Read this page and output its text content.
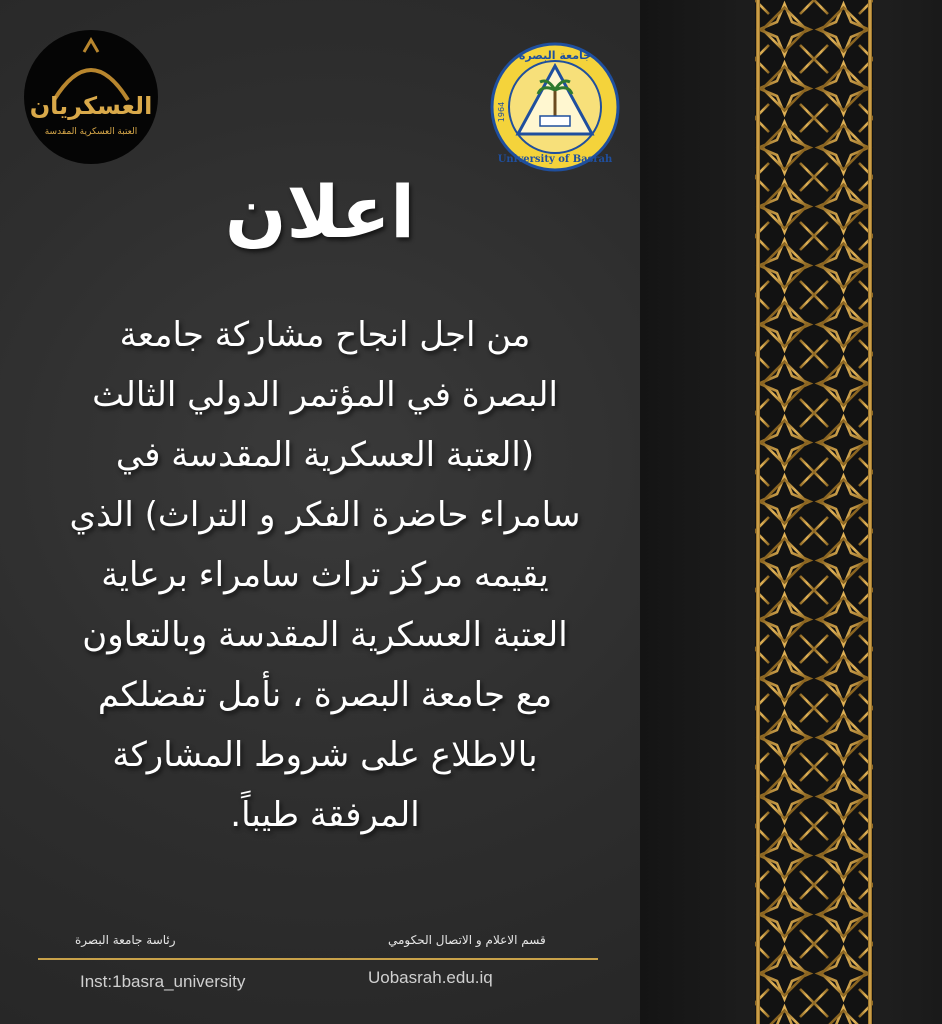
العسكريان
العتبة العسكرية المقدسة
جامعة البصرة
University of Basrah
1964
اعلان
من اجل انجاح مشاركة جامعة
البصرة في المؤتمر الدولي الثالث
(العتبة العسكرية المقدسة في
سامراء حاضرة الفكر و التراث) الذي
يقيمه مركز تراث سامراء برعاية
العتبة العسكرية المقدسة وبالتعاون
مع جامعة البصرة ، نأمل تفضلكم
بالاطلاع على شروط المشاركة
المرفقة طيباً.
رئاسة جامعة البصرة	قسم الاعلام و الاتصال الحكومي
Inst:1basra_university	Uobasrah.edu.iq
